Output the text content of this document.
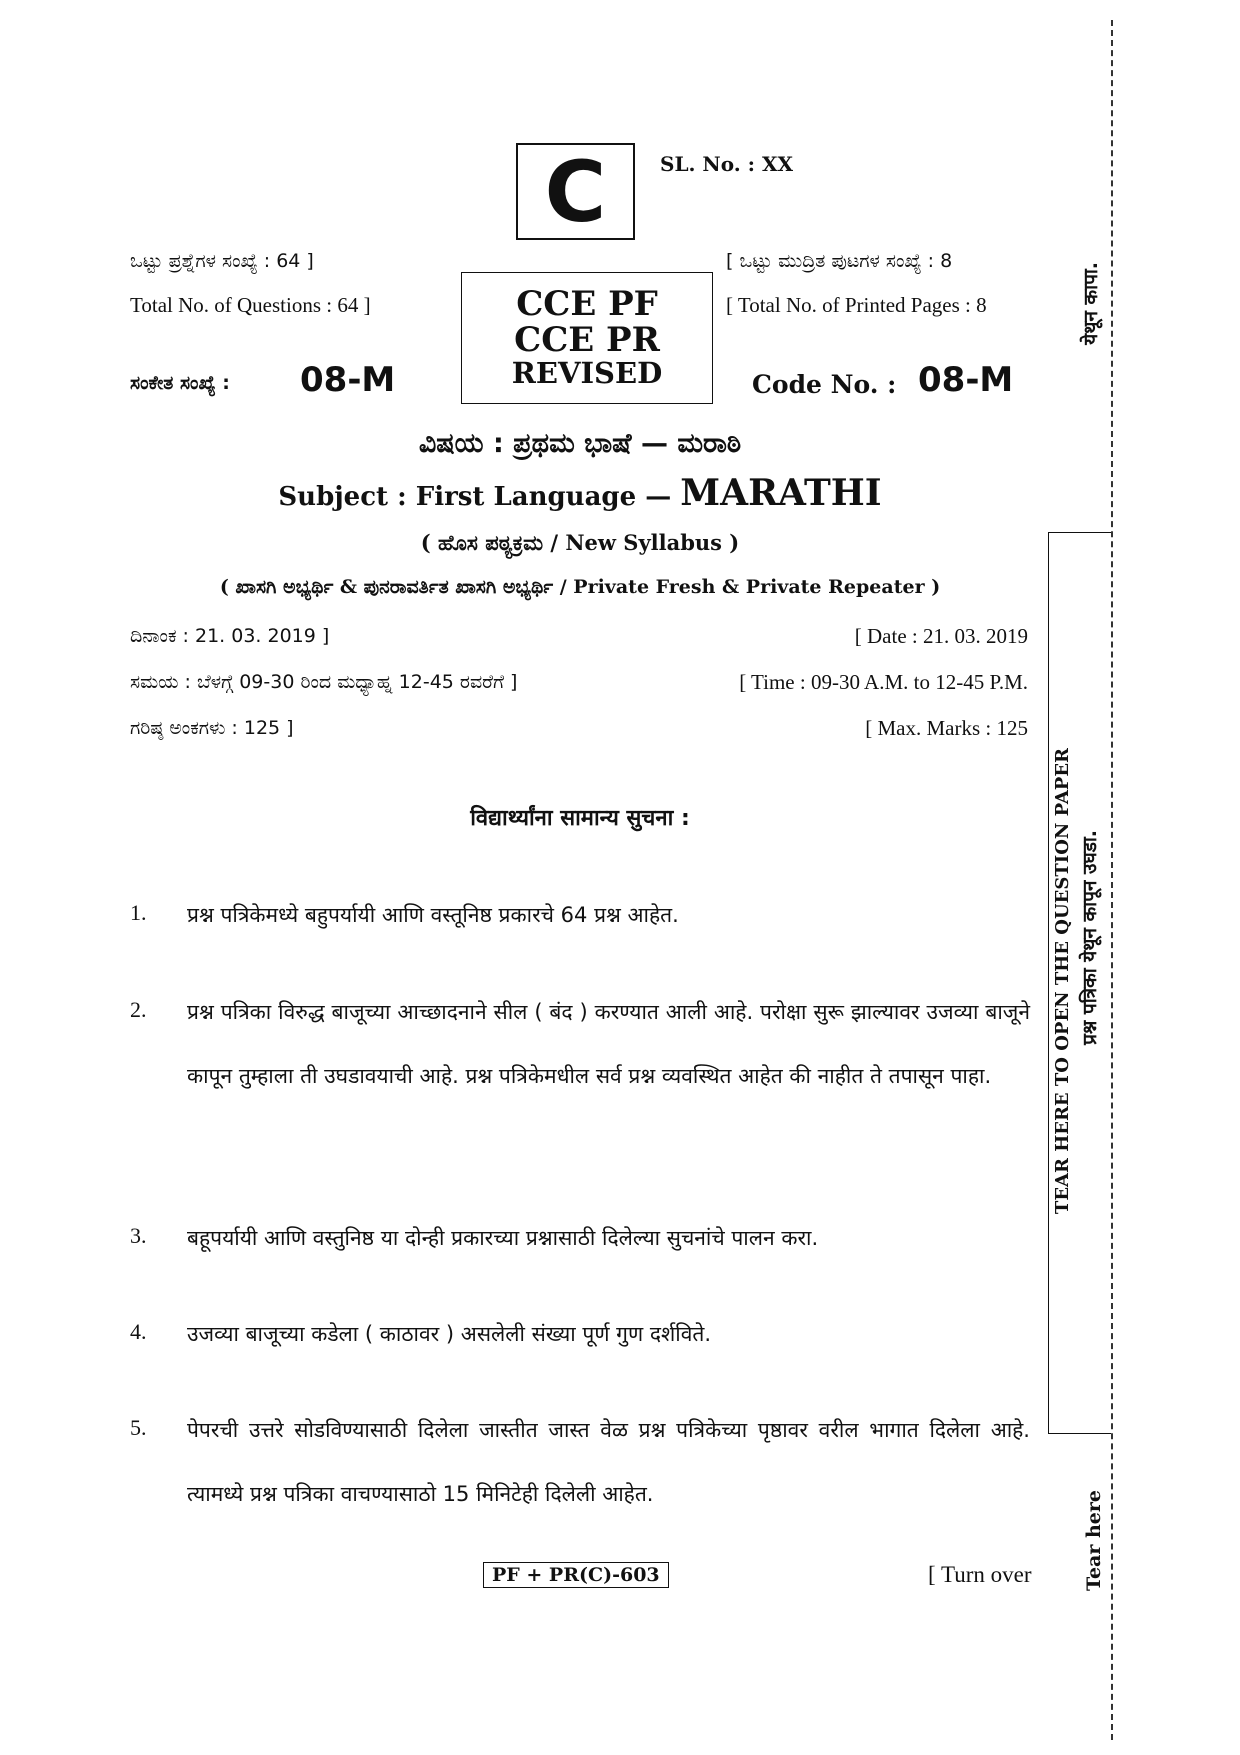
C	SL. No. : XX
ಒಟ್ಟು ಪ್ರಶ್ನೆಗಳ ಸಂಖ್ಯೆ : 64 ]
Total No. of Questions : 64 ]
[ ಒಟ್ಟು ಮುದ್ರಿತ ಪುಟಗಳ ಸಂಖ್ಯೆ : 8
[ Total No. of Printed Pages : 8
CCE PF
CCE PR
REVISED
ಸಂಕೇತ ಸಂಖ್ಯೆ : 08-M	Code No. : 08-M
ವಿಷಯ : ಪ್ರಥಮ ಭಾಷೆ — ಮರಾಠಿ
Subject : First Language — MARATHI
( ಹೊಸ ಪಠ್ಯಕ್ರಮ / New Syllabus )
( ಖಾಸಗಿ ಅಭ್ಯರ್ಥಿ & ಪುನರಾವರ್ತಿತ ಖಾಸಗಿ ಅಭ್ಯರ್ಥಿ / Private Fresh & Private Repeater )
ದಿನಾಂಕ : 21. 03. 2019 ]	[ Date : 21. 03. 2019
ಸಮಯ : ಬೆಳಗ್ಗೆ 09-30 ರಿಂದ ಮಧ್ಯಾಹ್ನ 12-45 ರವರೆಗೆ ]	[ Time : 09-30 A.M. to 12-45 P.M.
ಗರಿಷ್ಠ ಅಂಕಗಳು : 125 ]	[ Max. Marks : 125
विद्यार्थ्यांना सामान्य सुचना :
1. प्रश्न पत्रिकेमध्ये बहुपर्यायी आणि वस्तूनिष्ठ प्रकारचे 64 प्रश्न आहेत.
2. प्रश्न पत्रिका विरुद्ध बाजूच्या आच्छादनाने सील ( बंद ) करण्यात आली आहे. परोक्षा सुरू झाल्यावर उजव्या बाजूने कापून तुम्हाला ती उघडावयाची आहे. प्रश्न पत्रिकेमधील सर्व प्रश्न व्यवस्थित आहेत की नाहीत ते तपासून पाहा.
3. बहूपर्यायी आणि वस्तुनिष्ठ या दोन्ही प्रकारच्या प्रश्नासाठी दिलेल्या सुचनांचे पालन करा.
4. उजव्या बाजूच्या कडेला ( काठावर ) असलेली संख्या पूर्ण गुण दर्शविते.
5. पेपरची उत्तरे सोडविण्यासाठी दिलेला जास्तीत जास्त वेळ प्रश्न पत्रिकेच्या पृष्ठावर वरील भागात दिलेला आहे. त्यामध्ये प्रश्न पत्रिका वाचण्यासाठो 15 मिनिटेही दिलेली आहेत.
PF + PR(C)-603	[ Turn over
येथून कापा.
TEAR HERE TO OPEN THE QUESTION PAPER प्रश्न पत्रिका येथून कापून उघडा.
Tear here
